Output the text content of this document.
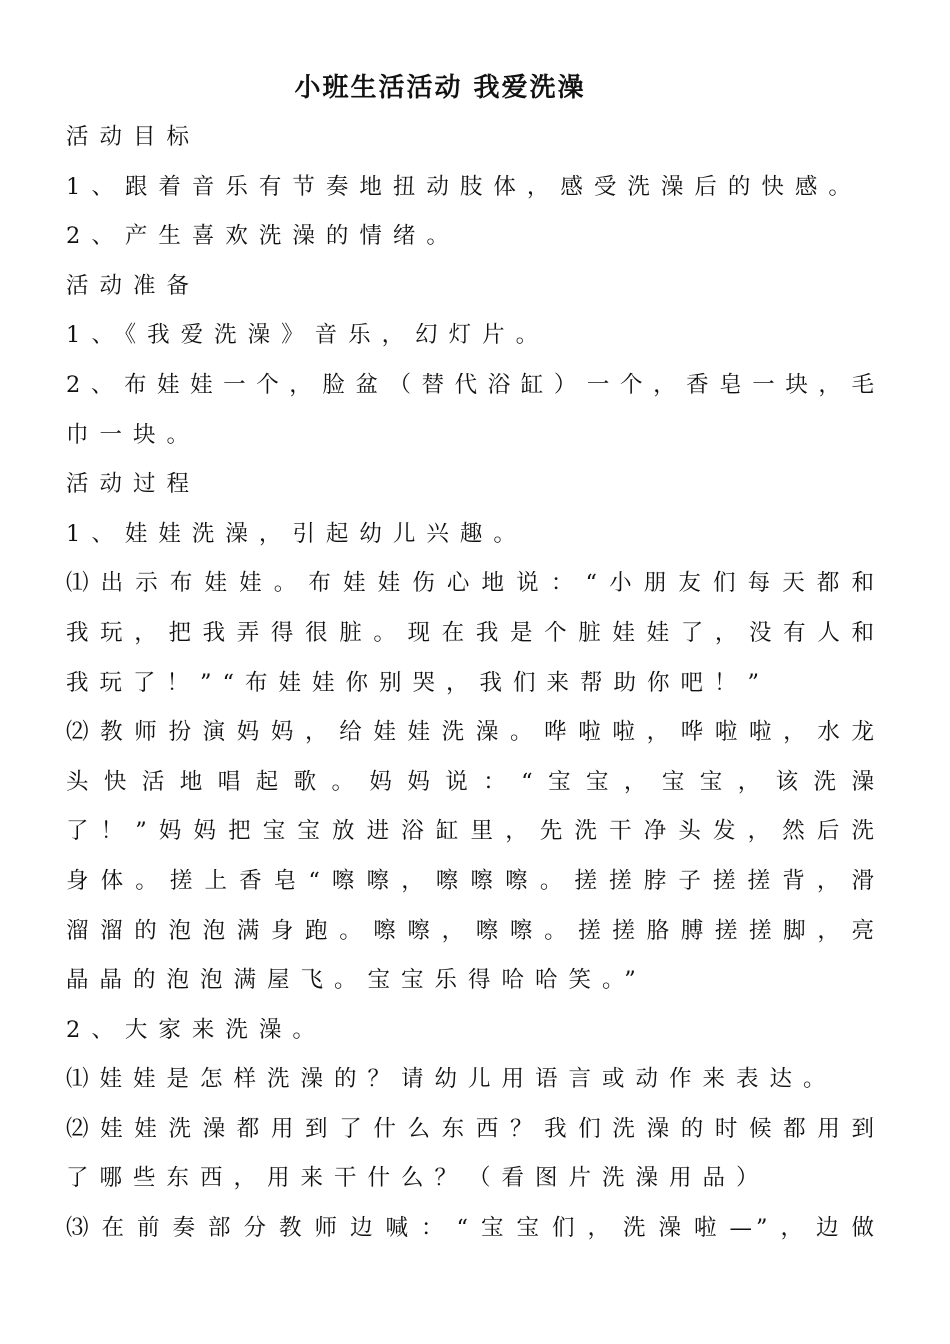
小班生活活动 我爱洗澡
活动目标
1、跟着音乐有节奏地扭动肢体，感受洗澡后的快感。
2、产生喜欢洗澡的情绪。
活动准备
1、《我爱洗澡》音乐，幻灯片。
2、布娃娃一个，脸盆（替代浴缸）一个，香皂一块，毛
巾一块。
活动过程
1、娃娃洗澡，引起幼儿兴趣。
⑴出示布娃娃。布娃娃伤心地说：“小朋友们每天都和
我玩，把我弄得很脏。现在我是个脏娃娃了，没有人和
我玩了！”“布娃娃你别哭，我们来帮助你吧！”
⑵教师扮演妈妈，给娃娃洗澡。哗啦啦，哗啦啦，水龙
头快活地唱起歌。妈妈说：“宝宝，宝宝，该洗澡
了！”妈妈把宝宝放进浴缸里，先洗干净头发，然后洗
身体。搓上香皂“嚓嚓，嚓嚓嚓。搓搓脖子搓搓背，滑
溜溜的泡泡满身跑。嚓嚓，嚓嚓。搓搓胳膊搓搓脚，亮
晶晶的泡泡满屋飞。宝宝乐得哈哈笑。”
2、大家来洗澡。
⑴娃娃是怎样洗澡的？请幼儿用语言或动作来表达。
⑵娃娃洗澡都用到了什么东西？我们洗澡的时候都用到
了哪些东西，用来干什么？（看图片洗澡用品）
⑶在前奏部分教师边喊：“宝宝们，洗澡啦—”，边做
